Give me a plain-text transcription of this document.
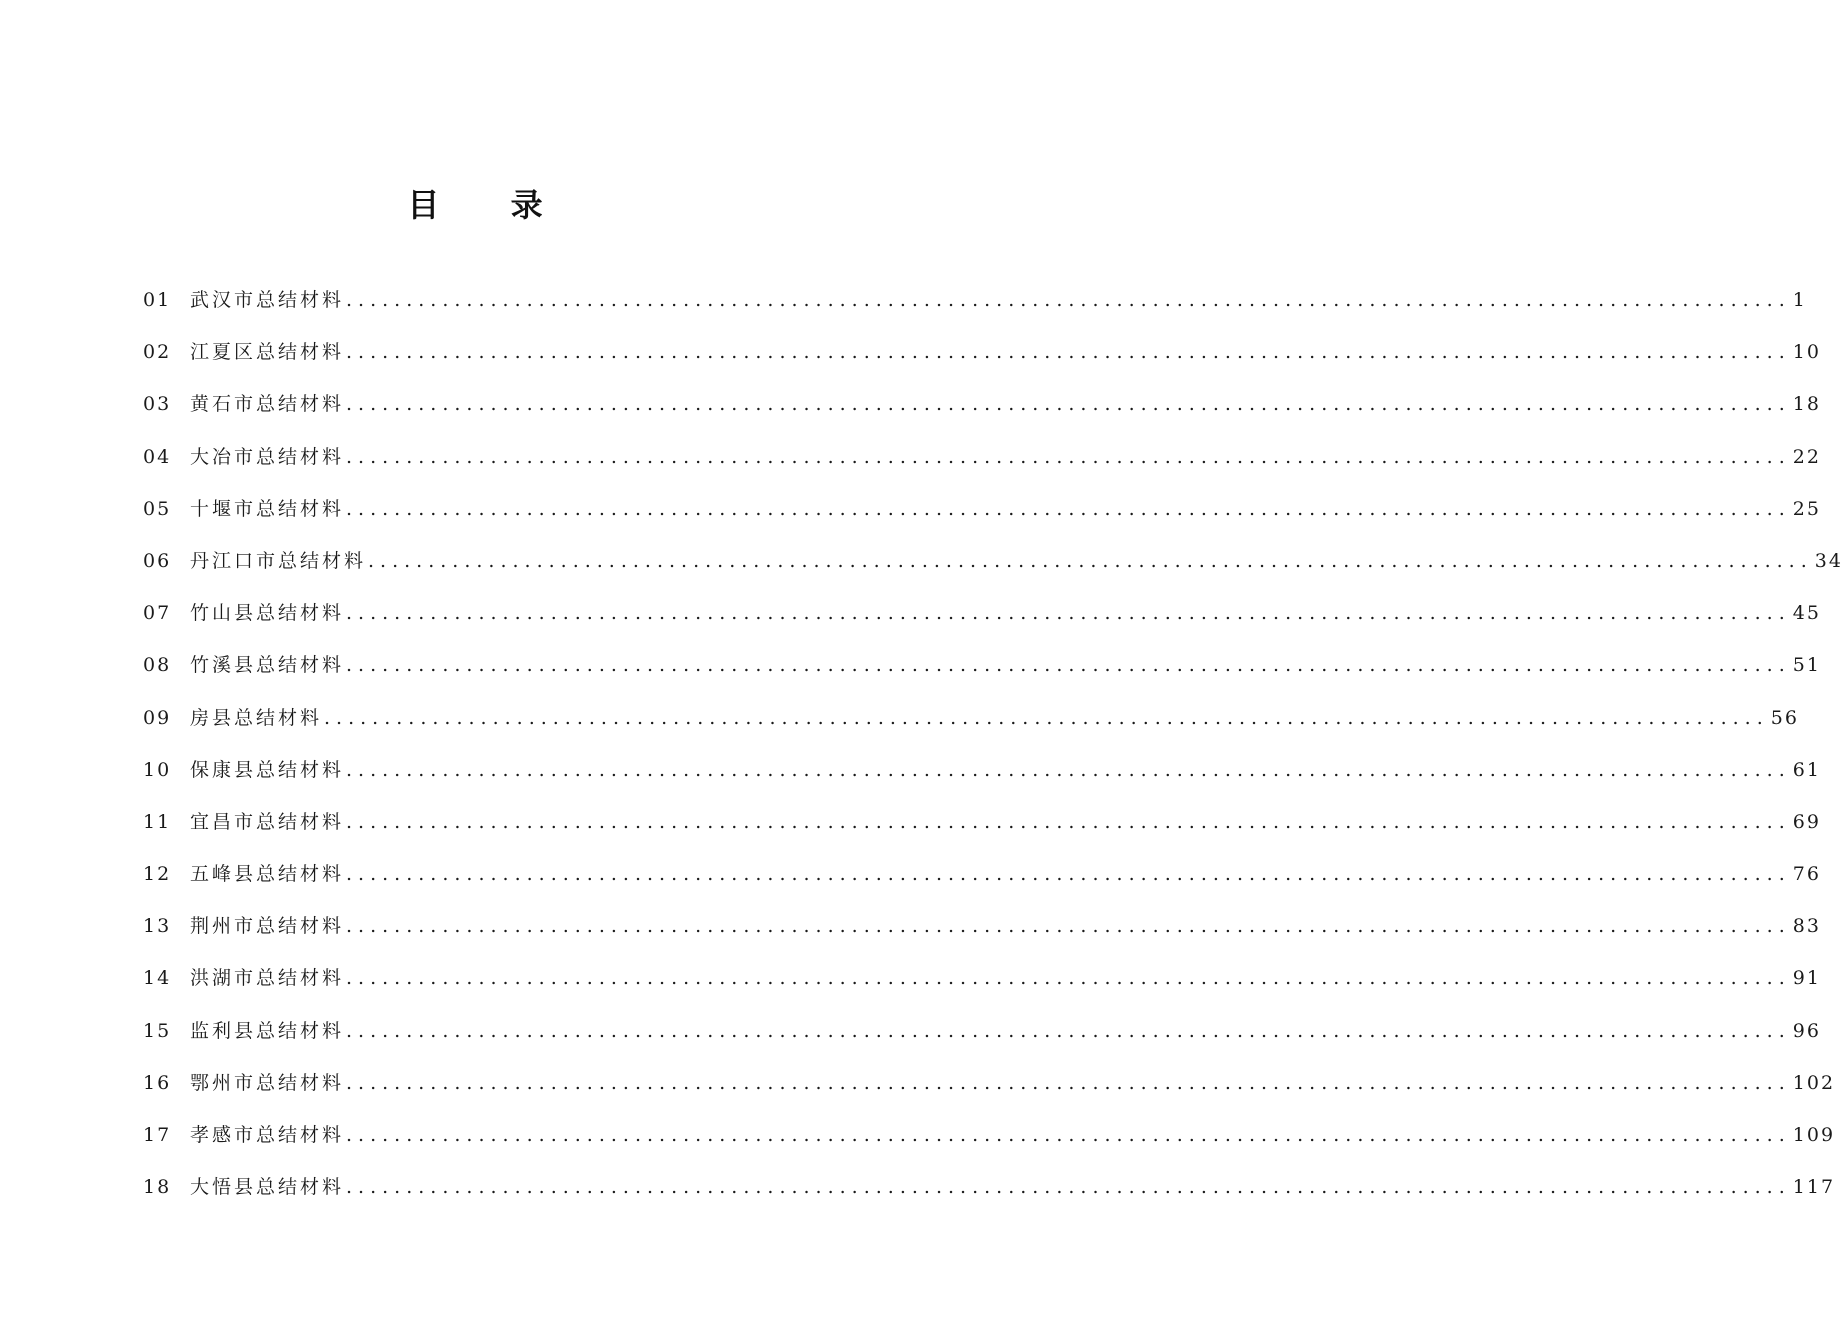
目 录
01 武汉市总结材料 ........................................................................................................................ 1
02 江夏区总结材料 ........................................................................................................................ 10
03 黄石市总结材料 ........................................................................................................................ 18
04 大冶市总结材料 ........................................................................................................................ 22
05 十堰市总结材料 ........................................................................................................................ 25
06 丹江口市总结材料 ........................................................................................................................ 34
07 竹山县总结材料 ........................................................................................................................ 45
08 竹溪县总结材料 ........................................................................................................................ 51
09 房县总结材料 ........................................................................................................................ 56
10 保康县总结材料 ........................................................................................................................ 61
11 宜昌市总结材料 ........................................................................................................................ 69
12 五峰县总结材料 ........................................................................................................................ 76
13 荆州市总结材料 ........................................................................................................................ 83
14 洪湖市总结材料 ........................................................................................................................ 91
15 监利县总结材料 ........................................................................................................................ 96
16 鄂州市总结材料 ........................................................................................................................ 102
17 孝感市总结材料 ........................................................................................................................ 109
18 大悟县总结材料 ........................................................................................................................ 117
